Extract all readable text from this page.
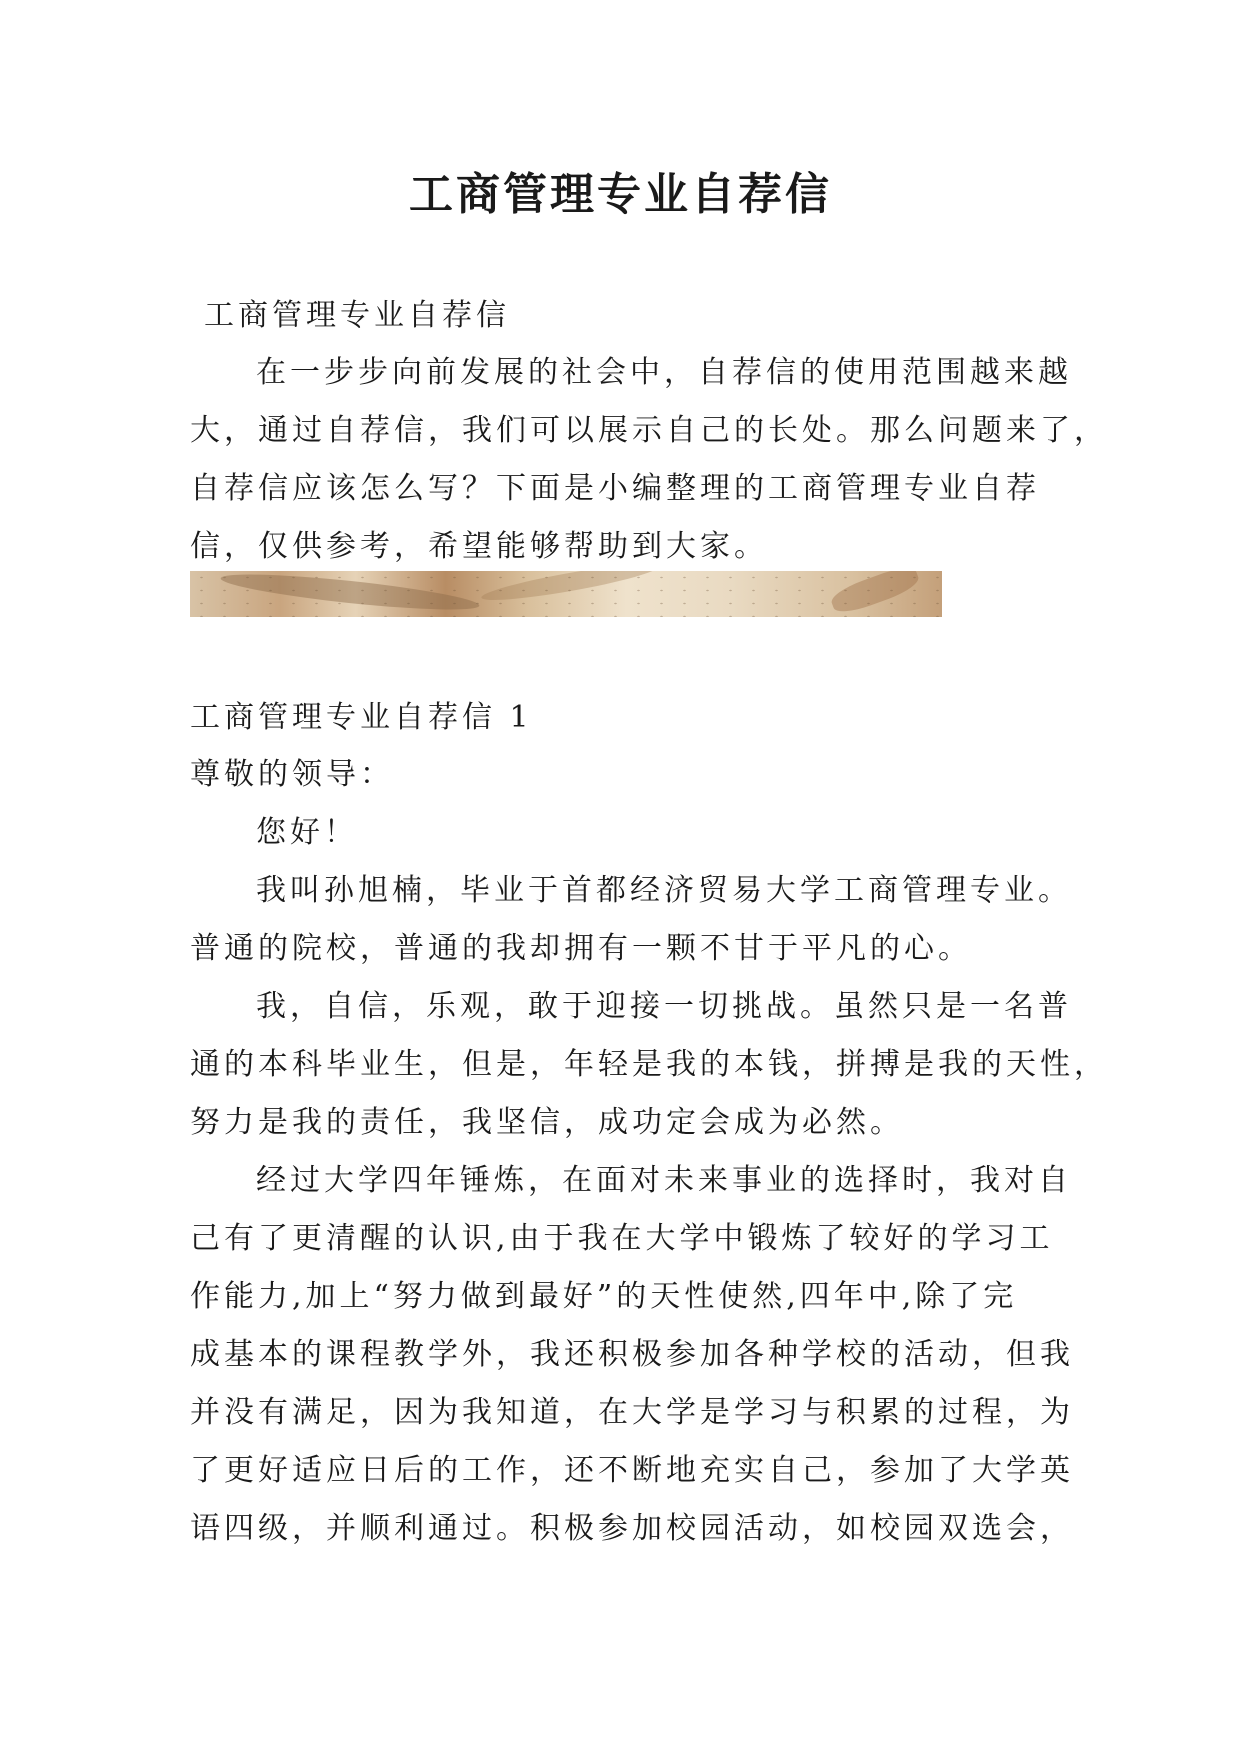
工商管理专业自荐信

工商管理专业自荐信

在一步步向前发展的社会中，自荐信的使用范围越来越

大，通过自荐信，我们可以展示自己的长处。那么问题来了，

自荐信应该怎么写？下面是小编整理的工商管理专业自荐

信，仅供参考，希望能够帮助到大家。

工商管理专业自荐信 1

尊敬的领导：

您好！

我叫孙旭楠，毕业于首都经济贸易大学工商管理专业。

普通的院校，普通的我却拥有一颗不甘于平凡的心。

我，自信，乐观，敢于迎接一切挑战。虽然只是一名普

通的本科毕业生，但是，年轻是我的本钱，拼搏是我的天性，

努力是我的责任，我坚信，成功定会成为必然。

经过大学四年锤炼，在面对未来事业的选择时，我对自

己有了更清醒的认识,由于我在大学中锻炼了较好的学习工

作能力,加上“努力做到最好”的天性使然,四年中,除了完

成基本的课程教学外，我还积极参加各种学校的活动，但我

并没有满足，因为我知道，在大学是学习与积累的过程，为

了更好适应日后的工作，还不断地充实自己，参加了大学英

语四级，并顺利通过。积极参加校园活动，如校园双选会，
